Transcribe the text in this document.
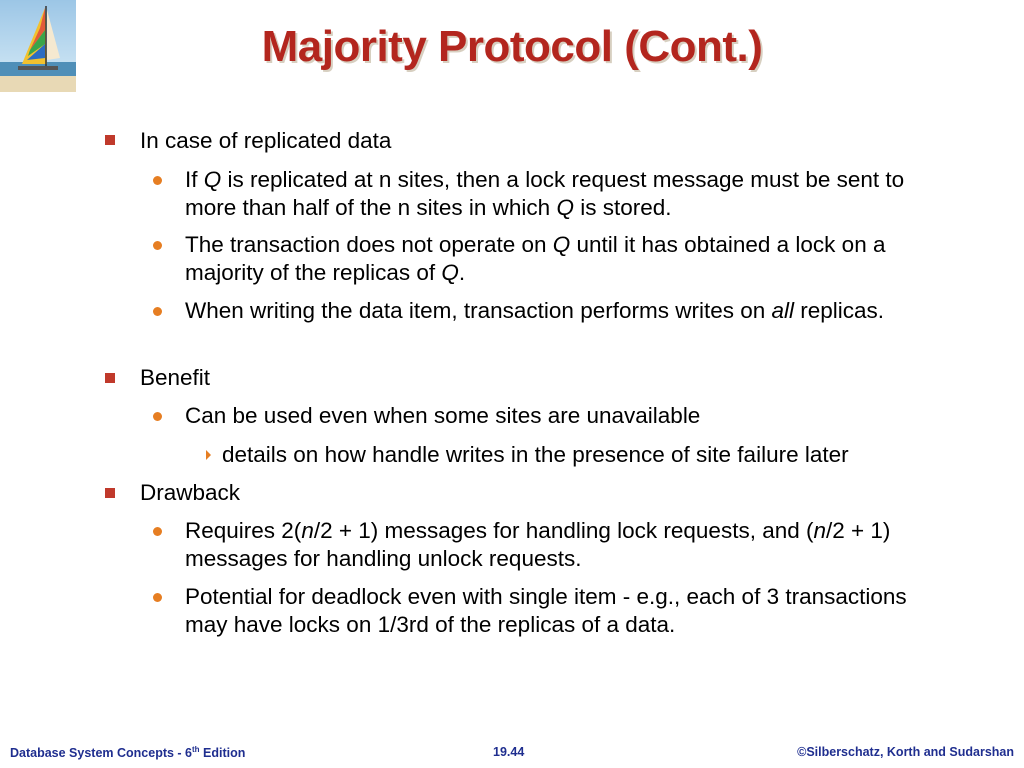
Majority Protocol (Cont.)
In case of replicated data
If Q is replicated at n sites, then a lock request message must be sent to more than half of the n sites in which Q is stored.
The transaction does not operate on Q until it has obtained a lock on a majority of the replicas of Q.
When writing the data item, transaction performs writes on all replicas.
Benefit
Can be used even when some sites are unavailable
details on how handle writes in the presence of site failure later
Drawback
Requires 2(n/2 + 1) messages for handling lock requests, and (n/2 + 1) messages for handling unlock requests.
Potential for deadlock even with single item - e.g., each of 3 transactions may have locks on 1/3rd of the replicas of a data.
Database System Concepts - 6th Edition	19.44	©Silberschatz, Korth and Sudarshan
